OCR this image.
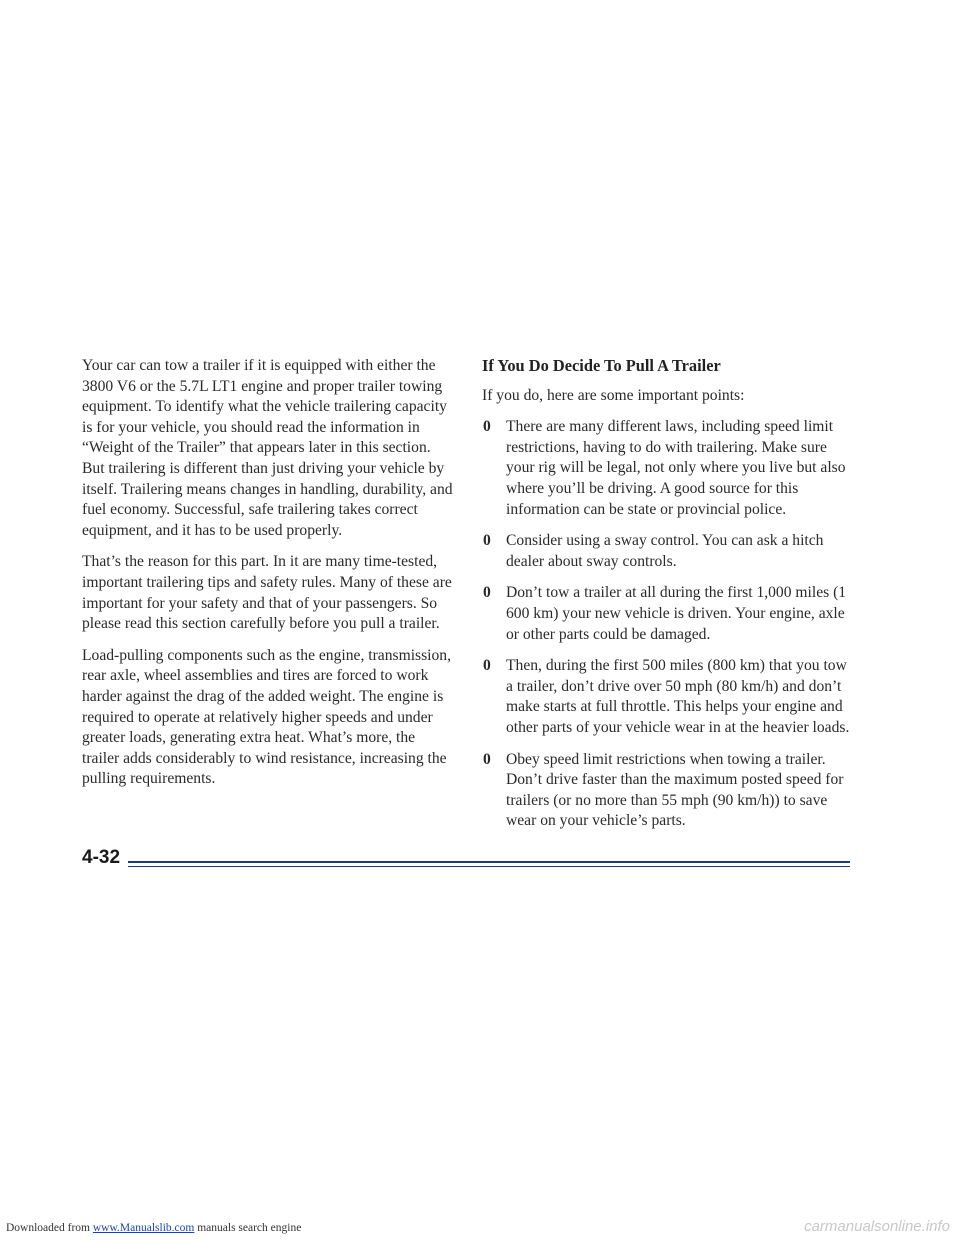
Your car can tow a trailer if it is equipped with either the 3800 V6 or the 5.7L LT1 engine and proper trailer towing equipment. To identify what the vehicle trailering capacity is for your vehicle, you should read the information in “Weight of the Trailer” that appears later in this section. But trailering is different than just driving your vehicle by itself. Trailering means changes in handling, durability, and fuel economy. Successful, safe trailering takes correct equipment, and it has to be used properly.

That’s the reason for this part. In it are many time-tested, important trailering tips and safety rules. Many of these are important for your safety and that of your passengers. So please read this section carefully before you pull a trailer.

Load-pulling components such as the engine, transmission, rear axle, wheel assemblies and tires are forced to work harder against the drag of the added weight. The engine is required to operate at relatively higher speeds and under greater loads, generating extra heat. What’s more, the trailer adds considerably to wind resistance, increasing the pulling requirements.

If You Do Decide To Pull A Trailer

If you do, here are some important points:

0 There are many different laws, including speed limit restrictions, having to do with trailering. Make sure your rig will be legal, not only where you live but also where you’ll be driving. A good source for this information can be state or provincial police.
0 Consider using a sway control. You can ask a hitch dealer about sway controls.
0 Don’t tow a trailer at all during the first 1,000 miles (1 600 km) your new vehicle is driven. Your engine, axle or other parts could be damaged.
0 Then, during the first 500 miles (800 km) that you tow a trailer, don’t drive over 50 mph (80 km/h) and don’t make starts at full throttle. This helps your engine and other parts of your vehicle wear in at the heavier loads.
0 Obey speed limit restrictions when towing a trailer. Don’t drive faster than the maximum posted speed for trailers (or no more than 55 mph (90 km/h)) to save wear on your vehicle’s parts.
4-32
Downloaded from www.Manualslib.com manuals search engine	carmanualsonline.info
